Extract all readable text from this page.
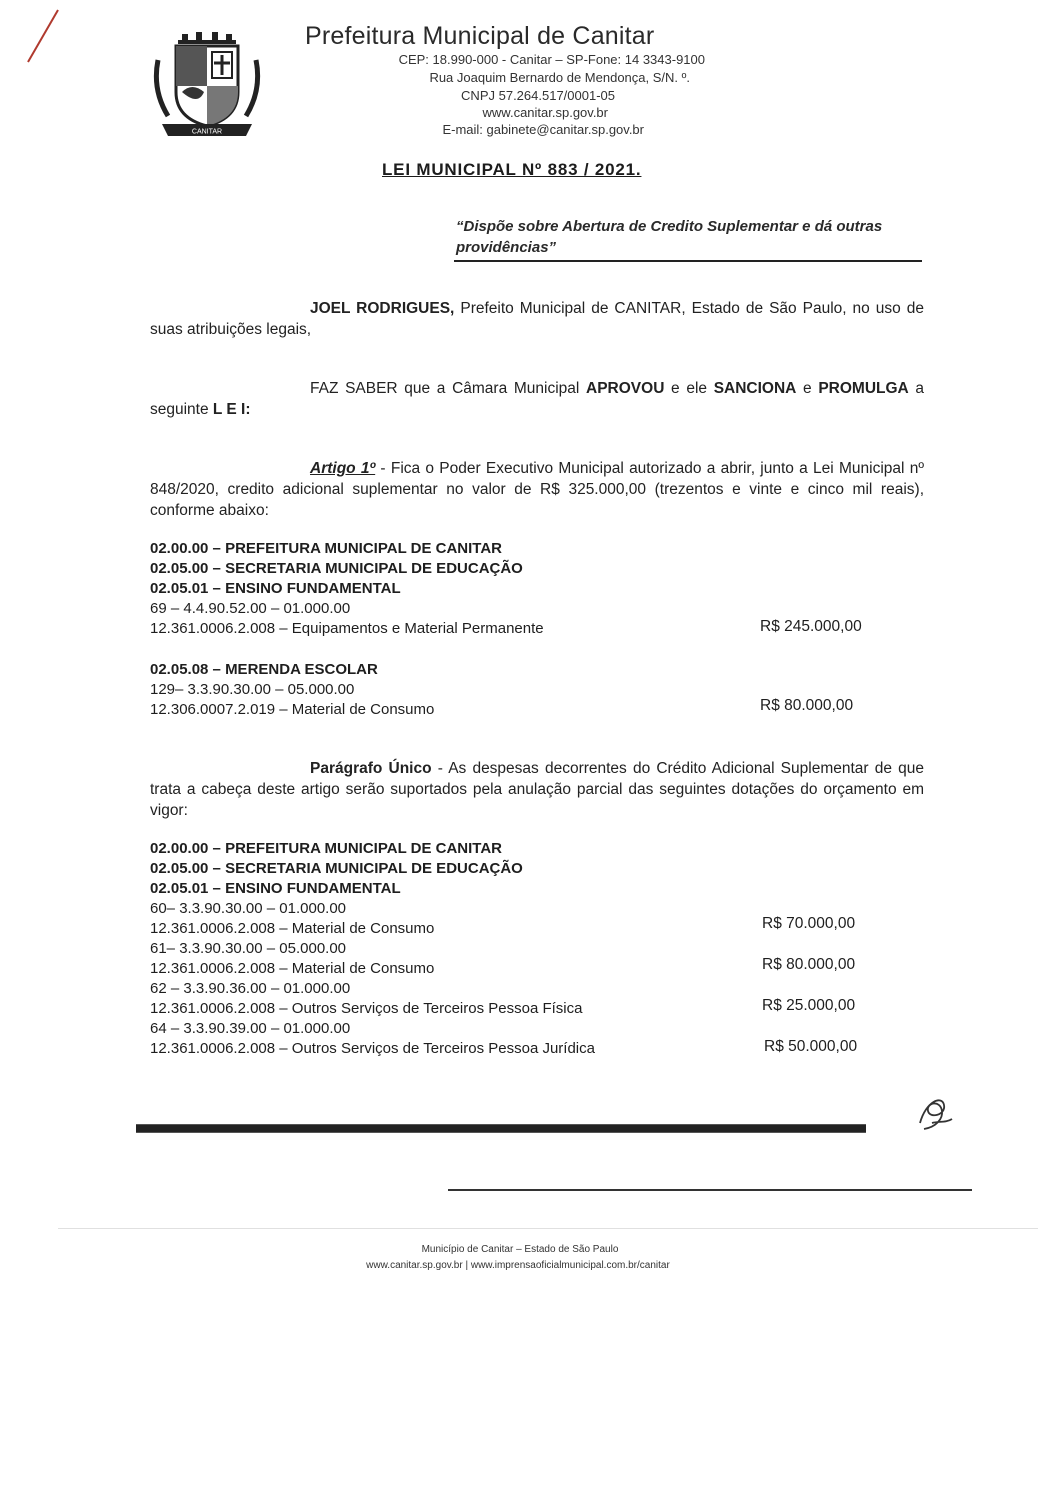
CANITAR
Prefeitura Municipal de Canitar
CEP: 18.990-000 - Canitar – SP-Fone: 14 3343-9100
Rua Joaquim Bernardo de Mendonça, S/N. º.
CNPJ 57.264.517/0001-05
www.canitar.sp.gov.br
E-mail: gabinete@canitar.sp.gov.br
LEI MUNICIPAL Nº 883 / 2021.
“Dispõe sobre Abertura de Credito Suplementar e dá outras providências”
JOEL RODRIGUES, Prefeito Municipal de CANITAR, Estado de São Paulo, no uso de suas atribuições legais,
FAZ SABER que a Câmara Municipal APROVOU e ele SANCIONA e PROMULGA a seguinte L E I:
Artigo 1º - Fica o Poder Executivo Municipal autorizado a abrir, junto a Lei Municipal nº 848/2020, credito adicional suplementar no valor de R$ 325.000,00 (trezentos e vinte e cinco mil reais), conforme abaixo:
02.00.00 – PREFEITURA MUNICIPAL DE CANITAR
02.05.00 – SECRETARIA MUNICIPAL DE EDUCAÇÃO
02.05.01 – ENSINO FUNDAMENTAL
69 – 4.4.90.52.00 – 01.000.00
12.361.0006.2.008 – Equipamentos e Material Permanente	R$ 245.000,00
02.05.08 – MERENDA ESCOLAR
129– 3.3.90.30.00 – 05.000.00
12.306.0007.2.019 – Material de Consumo	R$ 80.000,00
Parágrafo Único - As despesas decorrentes do Crédito Adicional Suplementar de que trata a cabeça deste artigo serão suportados pela anulação parcial das seguintes dotações do orçamento em vigor:
02.00.00 – PREFEITURA MUNICIPAL DE CANITAR
02.05.00 – SECRETARIA MUNICIPAL DE EDUCAÇÃO
02.05.01 – ENSINO FUNDAMENTAL
60– 3.3.90.30.00 – 01.000.00
12.361.0006.2.008 – Material de Consumo	R$ 70.000,00
61– 3.3.90.30.00 – 05.000.00
12.361.0006.2.008 – Material de Consumo	R$ 80.000,00
62 – 3.3.90.36.00 – 01.000.00
12.361.0006.2.008 – Outros Serviços de Terceiros Pessoa Física	R$ 25.000,00
64 – 3.3.90.39.00 – 01.000.00
12.361.0006.2.008 – Outros Serviços de Terceiros Pessoa Jurídica	R$ 50.000,00
Município de Canitar – Estado de São Paulo
www.canitar.sp.gov.br | www.imprensaoficialmunicipal.com.br/canitar
